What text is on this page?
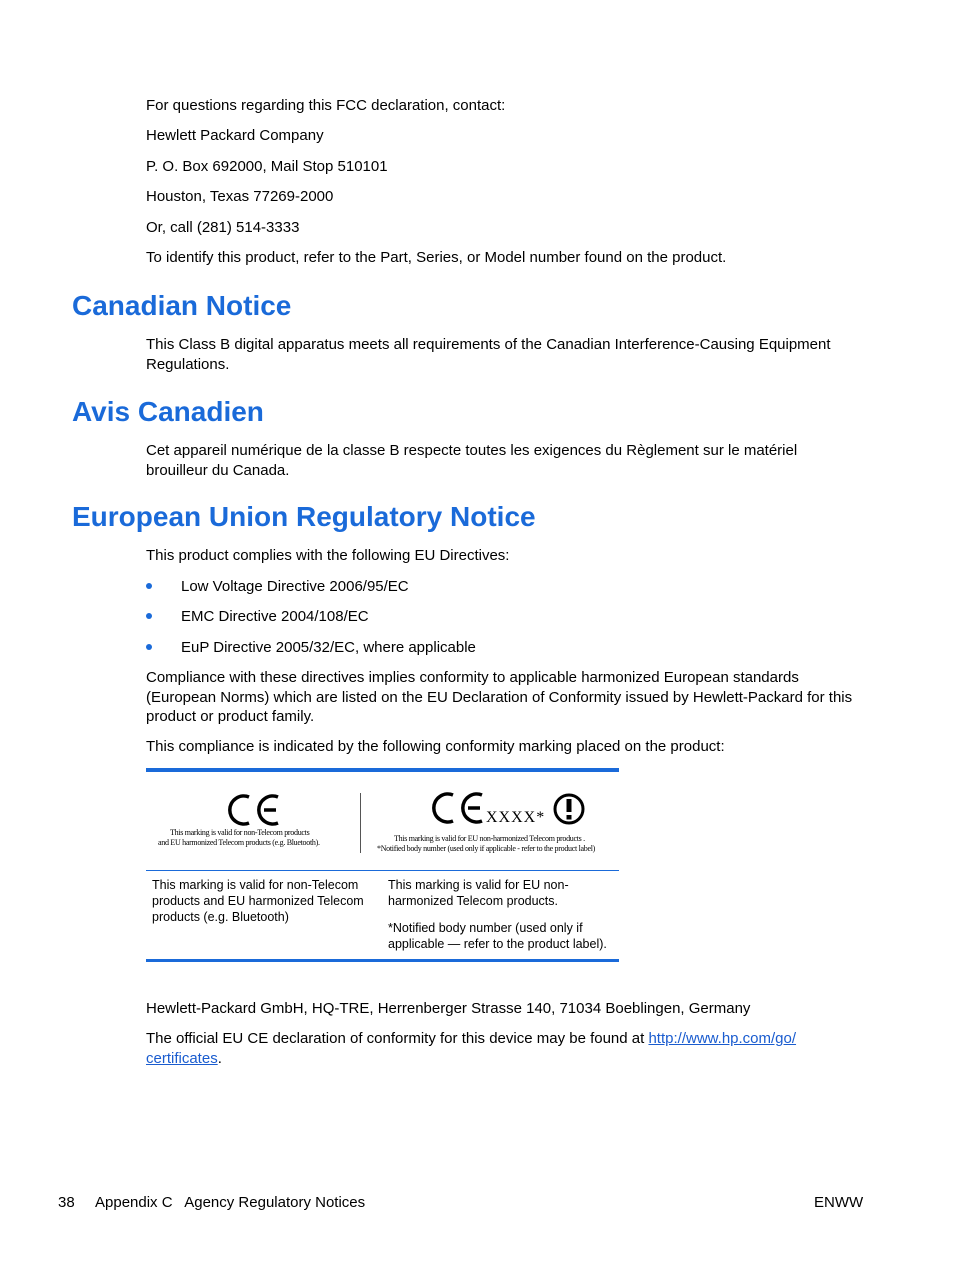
For questions regarding this FCC declaration, contact:

Hewlett Packard Company

P. O. Box 692000, Mail Stop 510101

Houston, Texas 77269-2000

Or, call (281) 514-3333

To identify this product, refer to the Part, Series, or Model number found on the product.

Canadian Notice

This Class B digital apparatus meets all requirements of the Canadian Interference-Causing Equipment Regulations.

Avis Canadien

Cet appareil numérique de la classe B respecte toutes les exigences du Règlement sur le matériel brouilleur du Canada.

European Union Regulatory Notice

This product complies with the following EU Directives:

Low Voltage Directive 2006/95/EC
EMC Directive 2004/108/EC
EuP Directive 2005/32/EC, where applicable

Compliance with these directives implies conformity to applicable harmonized European standards (European Norms) which are listed on the EU Declaration of Conformity issued by Hewlett-Packard for this product or product family.

This compliance is indicated by the following conformity marking placed on the product:

This marking is valid for non-Telecom products
and EU harmonized Telecom products (e.g. Bluetooth).
XXXX*
This marking is valid for EU non-harmonized Telecom products .
*Notified body number (used only if applicable - refer to the product label)
This marking is valid for non-Telecom products and EU harmonized Telecom products (e.g. Bluetooth)
This marking is valid for EU non-harmonized Telecom products.
*Notified body number (used only if applicable — refer to the product label).

Hewlett-Packard GmbH, HQ-TRE, Herrenberger Strasse 140, 71034 Boeblingen, Germany

The official EU CE declaration of conformity for this device may be found at http://www.hp.com/go/
certificates.

38 Appendix C   Agency Regulatory Notices	ENWW
